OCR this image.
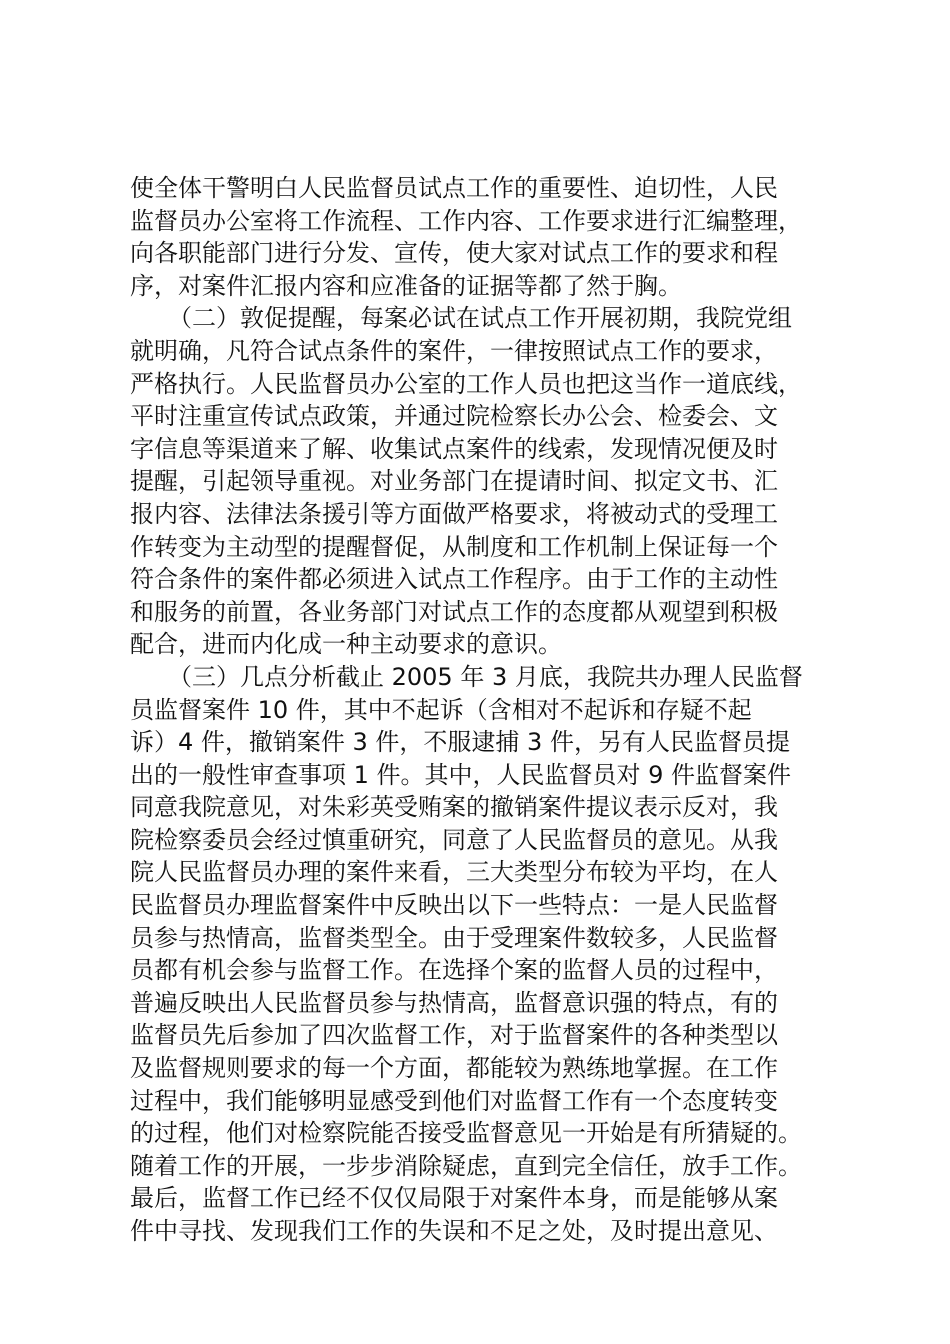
使全体干警明白人民监督员试点工作的重要性、迫切性，人民
监督员办公室将工作流程、工作内容、工作要求进行汇编整理，
向各职能部门进行分发、宣传，使大家对试点工作的要求和程
序，对案件汇报内容和应准备的证据等都了然于胸。
（二）敦促提醒，每案必试在试点工作开展初期，我院党组
就明确，凡符合试点条件的案件，一律按照试点工作的要求，
严格执行。人民监督员办公室的工作人员也把这当作一道底线，
平时注重宣传试点政策，并通过院检察长办公会、检委会、文
字信息等渠道来了解、收集试点案件的线索，发现情况便及时
提醒，引起领导重视。对业务部门在提请时间、拟定文书、汇
报内容、法律法条援引等方面做严格要求，将被动式的受理工
作转变为主动型的提醒督促，从制度和工作机制上保证每一个
符合条件的案件都必须进入试点工作程序。由于工作的主动性
和服务的前置，各业务部门对试点工作的态度都从观望到积极
配合，进而内化成一种主动要求的意识。
（三）几点分析截止 2005 年 3 月底，我院共办理人民监督
员监督案件 10 件，其中不起诉（含相对不起诉和存疑不起
诉）4 件，撤销案件 3 件，不服逮捕 3 件，另有人民监督员提
出的一般性审查事项 1 件。其中，人民监督员对 9 件监督案件
同意我院意见，对朱彩英受贿案的撤销案件提议表示反对，我
院检察委员会经过慎重研究，同意了人民监督员的意见。从我
院人民监督员办理的案件来看，三大类型分布较为平均，在人
民监督员办理监督案件中反映出以下一些特点：一是人民监督
员参与热情高，监督类型全。由于受理案件数较多，人民监督
员都有机会参与监督工作。在选择个案的监督人员的过程中，
普遍反映出人民监督员参与热情高，监督意识强的特点，有的
监督员先后参加了四次监督工作，对于监督案件的各种类型以
及监督规则要求的每一个方面，都能较为熟练地掌握。在工作
过程中，我们能够明显感受到他们对监督工作有一个态度转变
的过程，他们对检察院能否接受监督意见一开始是有所猜疑的。
随着工作的开展，一步步消除疑虑，直到完全信任，放手工作。
最后，监督工作已经不仅仅局限于对案件本身，而是能够从案
件中寻找、发现我们工作的失误和不足之处，及时提出意见、
